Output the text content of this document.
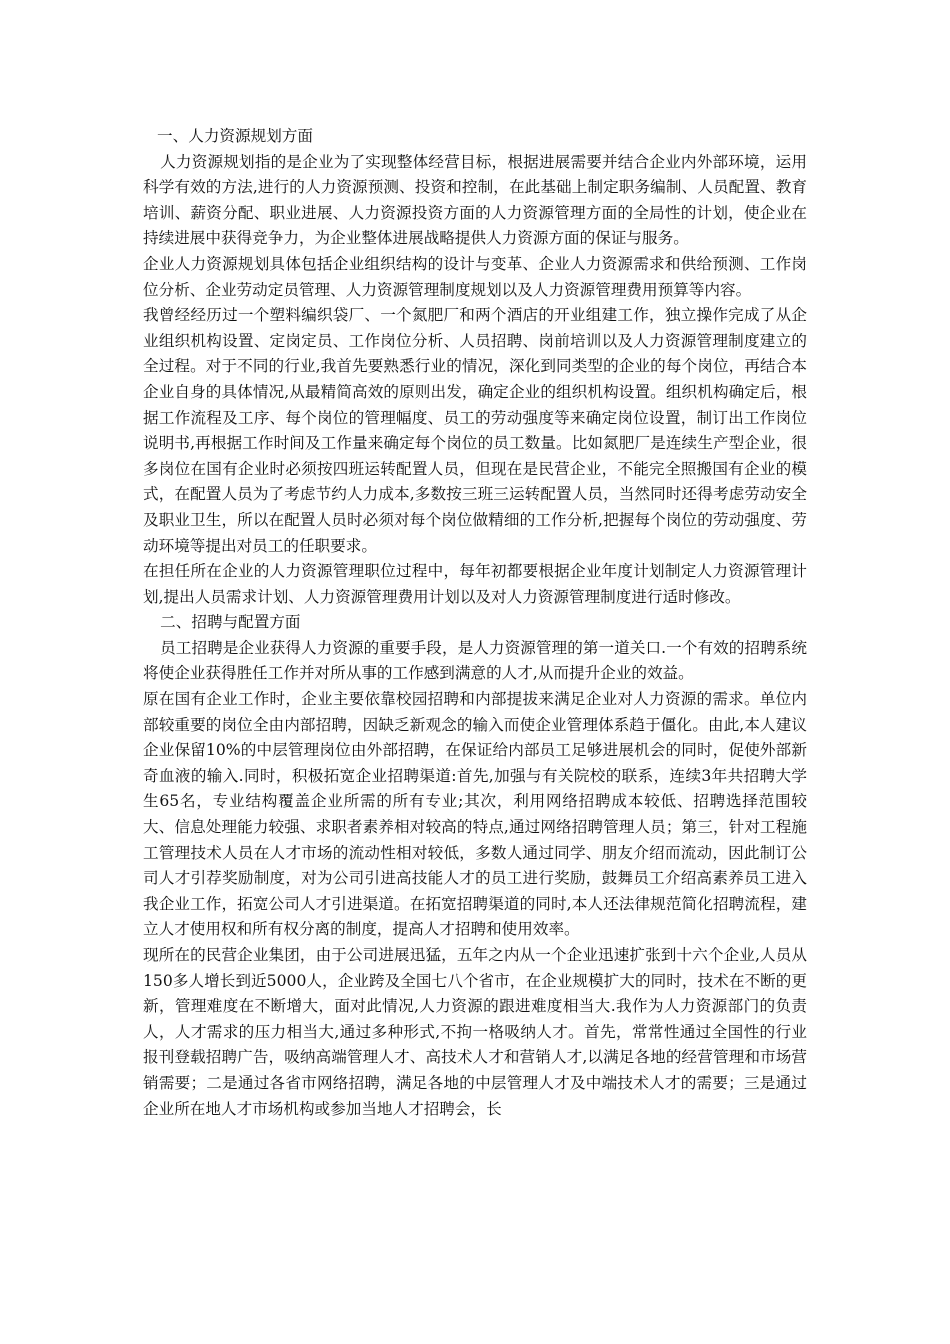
一、人力资源规划方面

人力资源规划指的是企业为了实现整体经营目标，根据进展需要并结合企业内外部环境，运用科学有效的方法,进行的人力资源预测、投资和控制，在此基础上制定职务编制、人员配置、教育培训、薪资分配、职业进展、人力资源投资方面的人力资源管理方面的全局性的计划，使企业在持续进展中获得竞争力，为企业整体进展战略提供人力资源方面的保证与服务。

企业人力资源规划具体包括企业组织结构的设计与变革、企业人力资源需求和供给预测、工作岗位分析、企业劳动定员管理、人力资源管理制度规划以及人力资源管理费用预算等内容。

我曾经经历过一个塑料编织袋厂、一个氮肥厂和两个酒店的开业组建工作，独立操作完成了从企业组织机构设置、定岗定员、工作岗位分析、人员招聘、岗前培训以及人力资源管理制度建立的全过程。对于不同的行业,我首先要熟悉行业的情况，深化到同类型的企业的每个岗位，再结合本企业自身的具体情况,从最精简高效的原则出发，确定企业的组织机构设置。组织机构确定后，根据工作流程及工序、每个岗位的管理幅度、员工的劳动强度等来确定岗位设置，制订出工作岗位说明书,再根据工作时间及工作量来确定每个岗位的员工数量。比如氮肥厂是连续生产型企业，很多岗位在国有企业时必须按四班运转配置人员，但现在是民营企业，不能完全照搬国有企业的模式，在配置人员为了考虑节约人力成本,多数按三班三运转配置人员，当然同时还得考虑劳动安全及职业卫生，所以在配置人员时必须对每个岗位做精细的工作分析,把握每个岗位的劳动强度、劳动环境等提出对员工的任职要求。

在担任所在企业的人力资源管理职位过程中，每年初都要根据企业年度计划制定人力资源管理计划,提出人员需求计划、人力资源管理费用计划以及对人力资源管理制度进行适时修改。

二、招聘与配置方面

员工招聘是企业获得人力资源的重要手段，是人力资源管理的第一道关口.一个有效的招聘系统将使企业获得胜任工作并对所从事的工作感到满意的人才,从而提升企业的效益。

原在国有企业工作时，企业主要依靠校园招聘和内部提拔来满足企业对人力资源的需求。单位内部较重要的岗位全由内部招聘，因缺乏新观念的输入而使企业管理体系趋于僵化。由此,本人建议企业保留10%的中层管理岗位由外部招聘，在保证给内部员工足够进展机会的同时，促使外部新奇血液的输入.同时，积极拓宽企业招聘渠道:首先,加强与有关院校的联系，连续3年共招聘大学生65名，专业结构覆盖企业所需的所有专业;其次，利用网络招聘成本较低、招聘选择范围较大、信息处理能力较强、求职者素养相对较高的特点,通过网络招聘管理人员；第三，针对工程施工管理技术人员在人才市场的流动性相对较低，多数人通过同学、朋友介绍而流动，因此制订公司人才引荐奖励制度，对为公司引进高技能人才的员工进行奖励，鼓舞员工介绍高素养员工进入我企业工作，拓宽公司人才引进渠道。在拓宽招聘渠道的同时,本人还法律规范简化招聘流程，建立人才使用权和所有权分离的制度，提高人才招聘和使用效率。

现所在的民营企业集团，由于公司进展迅猛，五年之内从一个企业迅速扩张到十六个企业,人员从150多人增长到近5000人，企业跨及全国七八个省市，在企业规模扩大的同时，技术在不断的更新，管理难度在不断增大，面对此情况,人力资源的跟进难度相当大.我作为人力资源部门的负责人，人才需求的压力相当大,通过多种形式,不拘一格吸纳人才。首先，常常性通过全国性的行业报刊登载招聘广告，吸纳高端管理人才、高技术人才和营销人才,以满足各地的经营管理和市场营销需要；二是通过各省市网络招聘，满足各地的中层管理人才及中端技术人才的需要；三是通过企业所在地人才市场机构或参加当地人才招聘会，长
